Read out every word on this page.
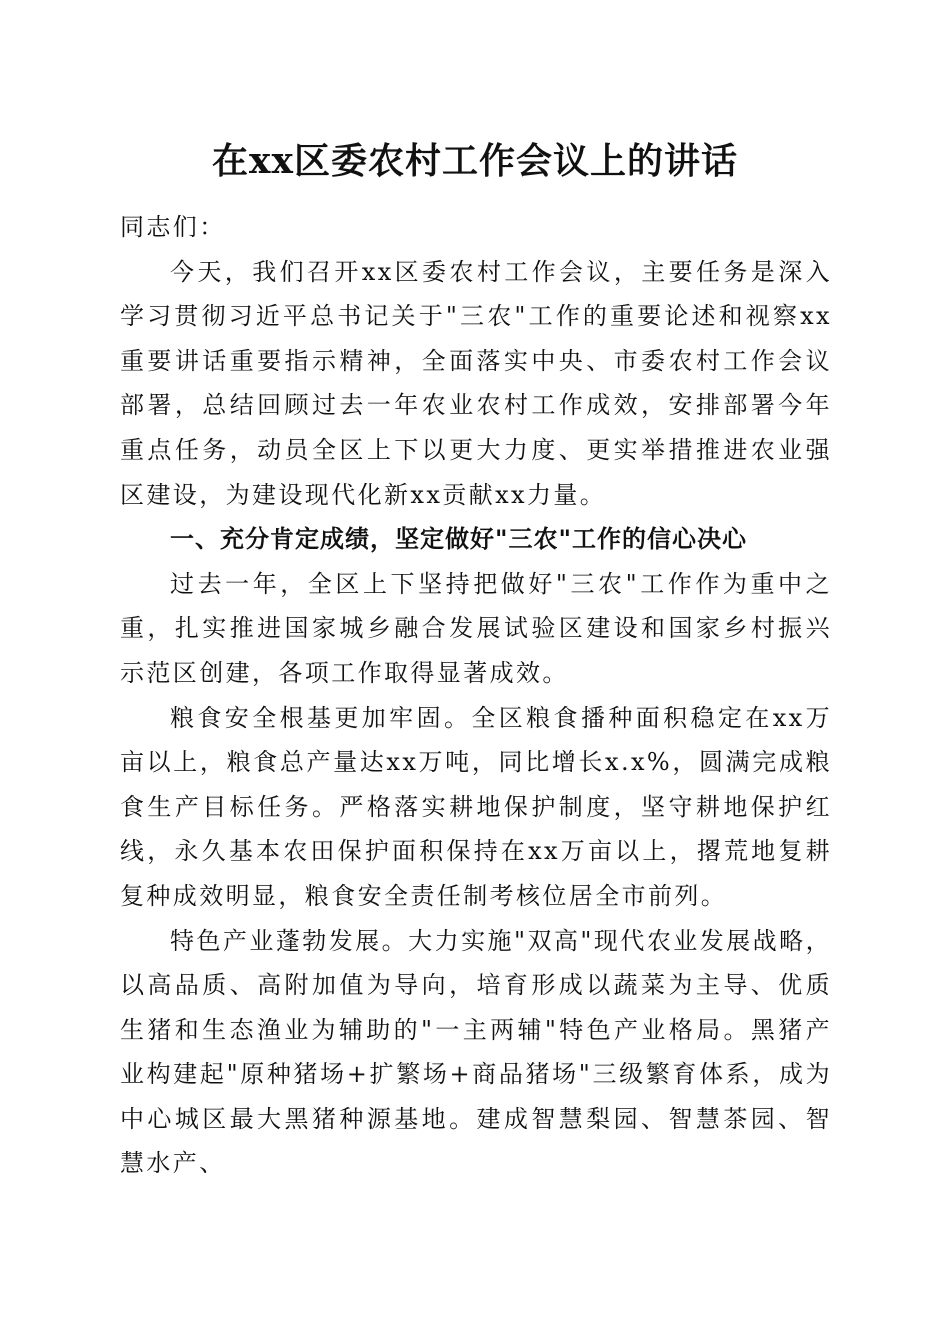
在xx区委农村工作会议上的讲话

同志们：

今天，我们召开xx区委农村工作会议，主要任务是深入学习贯彻习近平总书记关于"三农"工作的重要论述和视察xx重要讲话重要指示精神，全面落实中央、市委农村工作会议部署，总结回顾过去一年农业农村工作成效，安排部署今年重点任务，动员全区上下以更大力度、更实举措推进农业强区建设，为建设现代化新xx贡献xx力量。

一、充分肯定成绩，坚定做好"三农"工作的信心决心

过去一年，全区上下坚持把做好"三农"工作作为重中之重，扎实推进国家城乡融合发展试验区建设和国家乡村振兴示范区创建，各项工作取得显著成效。

粮食安全根基更加牢固。全区粮食播种面积稳定在xx万亩以上，粮食总产量达xx万吨，同比增长x.x%，圆满完成粮食生产目标任务。严格落实耕地保护制度，坚守耕地保护红线，永久基本农田保护面积保持在xx万亩以上，撂荒地复耕复种成效明显，粮食安全责任制考核位居全市前列。

特色产业蓬勃发展。大力实施"双高"现代农业发展战略，以高品质、高附加值为导向，培育形成以蔬菜为主导、优质生猪和生态渔业为辅助的"一主两辅"特色产业格局。黑猪产业构建起"原种猪场+扩繁场+商品猪场"三级繁育体系，成为中心城区最大黑猪种源基地。建成智慧梨园、智慧茶园、智慧水产、
